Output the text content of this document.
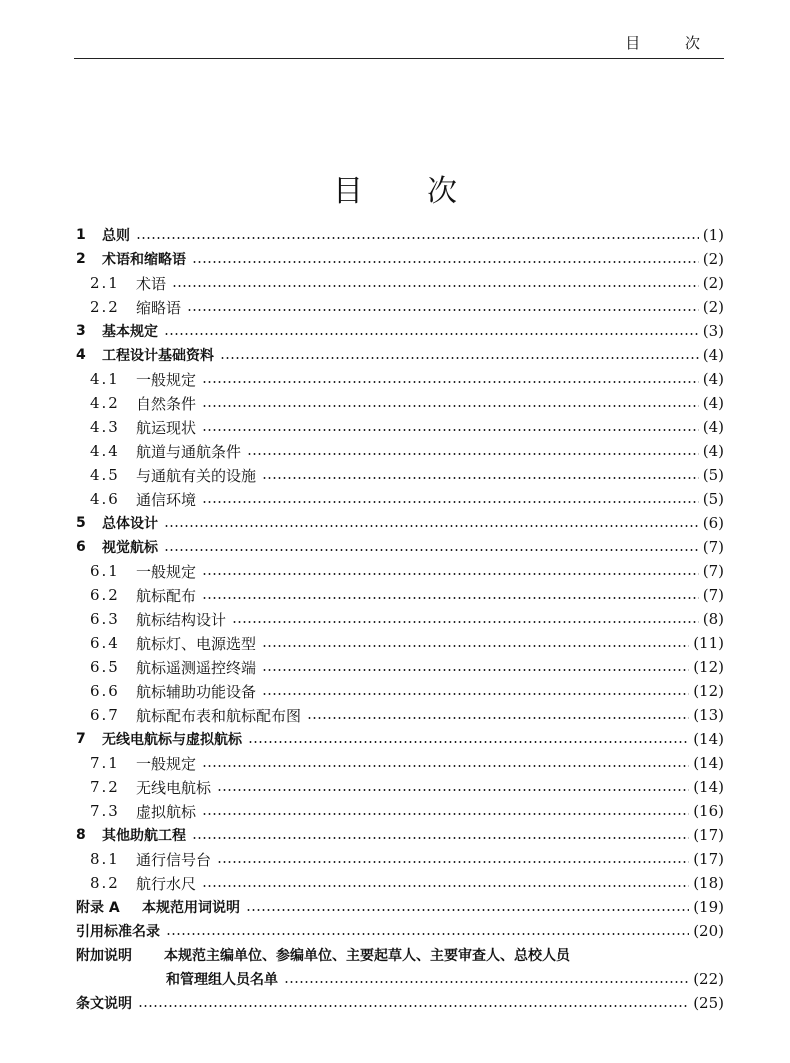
目 次
目次
1	总则	(1)
2	术语和缩略语	(2)
2.1	术语	(2)
2.2	缩略语	(2)
3	基本规定	(3)
4	工程设计基础资料	(4)
4.1	一般规定	(4)
4.2	自然条件	(4)
4.3	航运现状	(4)
4.4	航道与通航条件	(4)
4.5	与通航有关的设施	(5)
4.6	通信环境	(5)
5	总体设计	(6)
6	视觉航标	(7)
6.1	一般规定	(7)
6.2	航标配布	(7)
6.3	航标结构设计	(8)
6.4	航标灯、电源选型	(11)
6.5	航标遥测遥控终端	(12)
6.6	航标辅助功能设备	(12)
6.7	航标配布表和航标配布图	(13)
7	无线电航标与虚拟航标	(14)
7.1	一般规定	(14)
7.2	无线电航标	(14)
7.3	虚拟航标	(16)
8	其他助航工程	(17)
8.1	通行信号台	(17)
8.2	航行水尺	(18)
附录 A	本规范用词说明	(19)
引用标准名录	(20)
附加说明	本规范主编单位、参编单位、主要起草人、主要审查人、总校人员
和管理组人员名单	(22)
条文说明	(25)
